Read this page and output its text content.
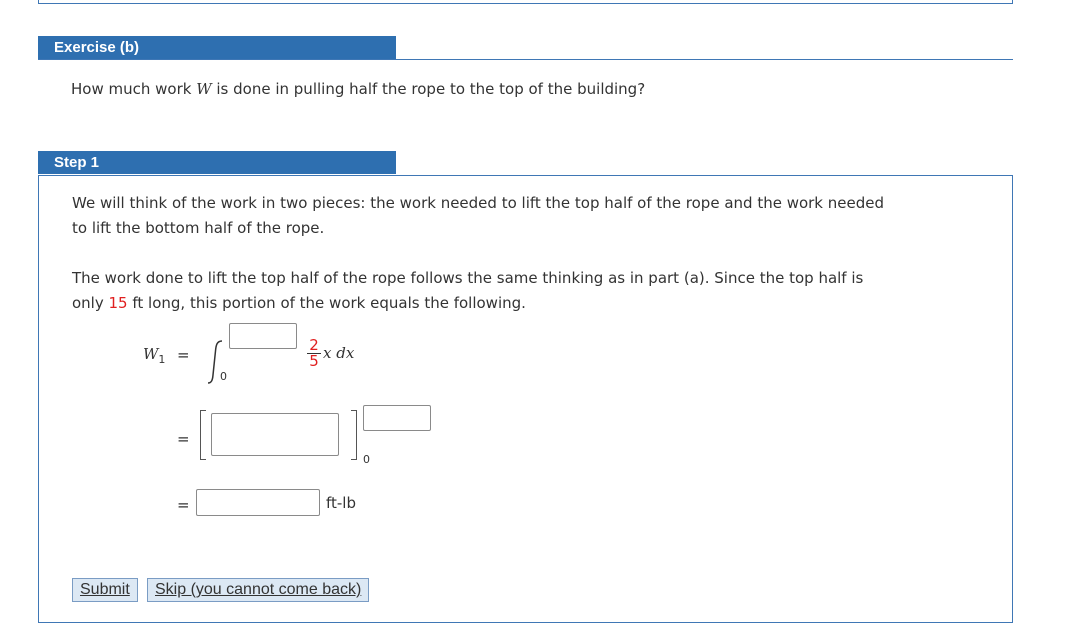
Exercise (b)
How much work W is done in pulling half the rope to the top of the building?
Step 1
We will think of the work in two pieces: the work needed to lift the top half of the rope and the work needed
to lift the bottom half of the rope.
The work done to lift the top half of the rope follows the same thinking as in part (a). Since the top half is
only 15 ft long, this portion of the work equals the following.
$W_1$ =
0
$\frac{2}{5}$ x dx
=
0
=	ft-lb
Submit	Skip (you cannot come back)
